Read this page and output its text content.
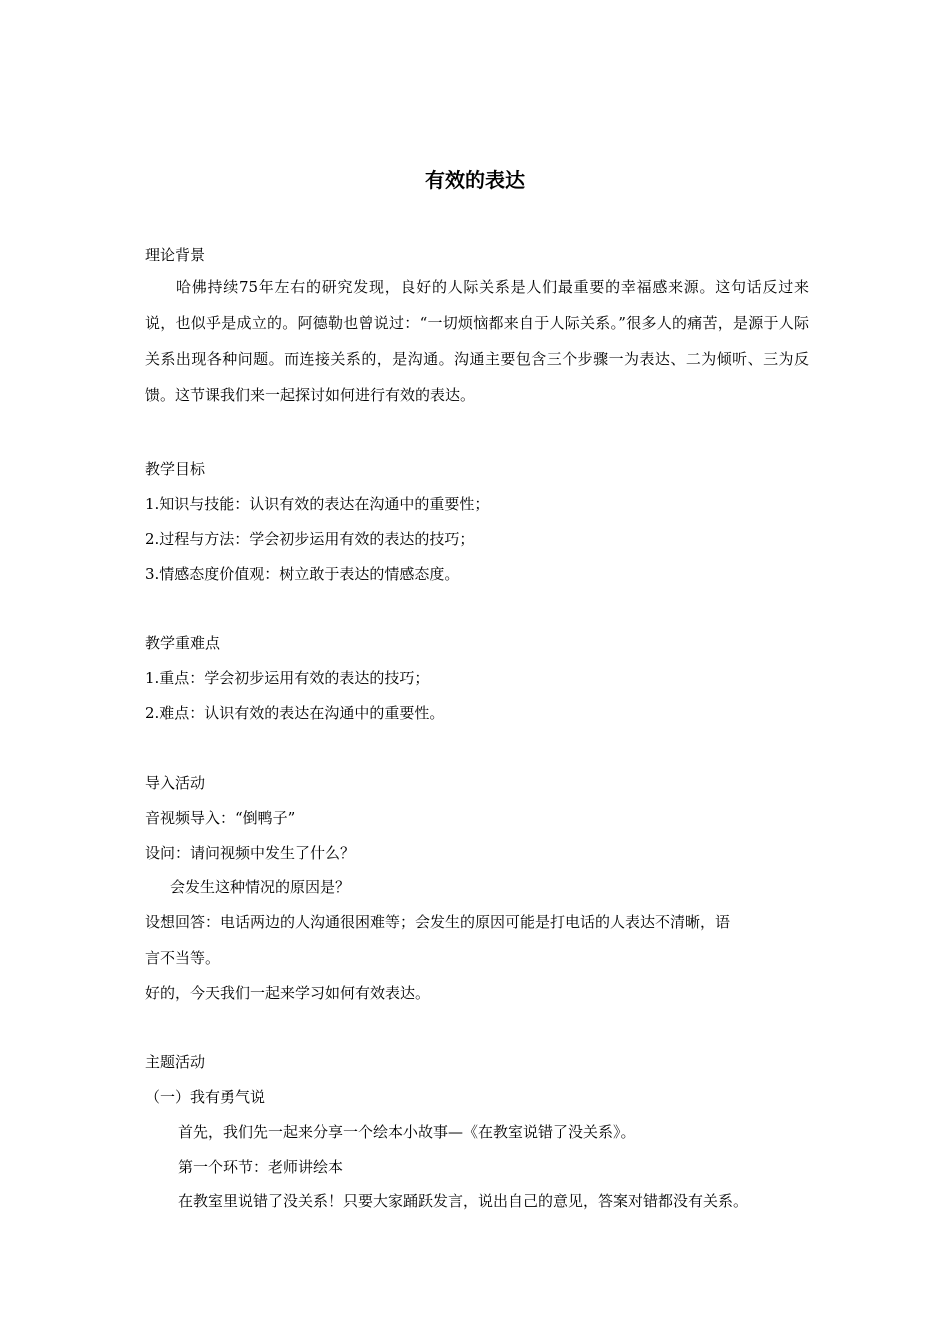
有效的表达
理论背景
哈佛持续75年左右的研究发现，良好的人际关系是人们最重要的幸福感来源。这句话反过来说，也似乎是成立的。阿德勒也曾说过：“一切烦恼都来自于人际关系。”很多人的痛苦，是源于人际关系出现各种问题。而连接关系的，是沟通。沟通主要包含三个步骤一为表达、二为倾听、三为反馈。这节课我们来一起探讨如何进行有效的表达。
教学目标
1.知识与技能：认识有效的表达在沟通中的重要性；
2.过程与方法：学会初步运用有效的表达的技巧；
3.情感态度价值观：树立敢于表达的情感态度。
教学重难点
1.重点：学会初步运用有效的表达的技巧；
2.难点：认识有效的表达在沟通中的重要性。
导入活动
音视频导入：“倒鸭子”
设问：请问视频中发生了什么？
会发生这种情况的原因是？
设想回答：电话两边的人沟通很困难等；会发生的原因可能是打电话的人表达不清晰，语
言不当等。
好的，今天我们一起来学习如何有效表达。
主题活动
（一）我有勇气说
首先，我们先一起来分享一个绘本小故事—《在教室说错了没关系》。
第一个环节：老师讲绘本
在教室里说错了没关系！只要大家踊跃发言，说出自己的意见，答案对错都没有关系。
